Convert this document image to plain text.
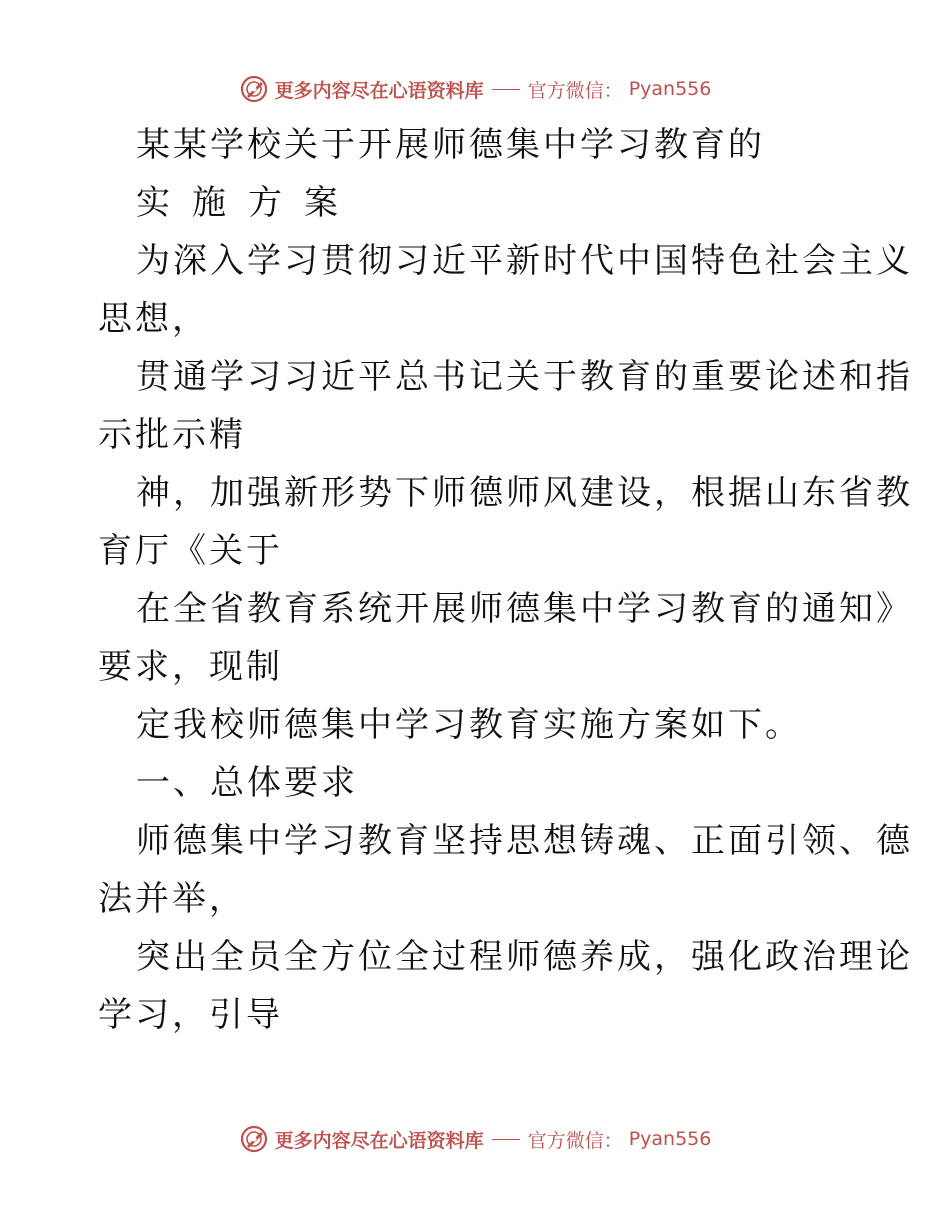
更多内容尽在心语资料库 官方微信： Pyan556
某某学校关于开展师德集中学习教育的
实施方案
为深入学习贯彻习近平新时代中国特色社会主义
思想，
贯通学习习近平总书记关于教育的重要论述和指
示批示精
神，加强新形势下师德师风建设，根据山东省教
育厅《关于
在全省教育系统开展师德集中学习教育的通知》
要求，现制
定我校师德集中学习教育实施方案如下。
一、总体要求
师德集中学习教育坚持思想铸魂、正面引领、德
法并举，
突出全员全方位全过程师德养成，强化政治理论
学习，引导
更多内容尽在心语资料库 官方微信： Pyan556
